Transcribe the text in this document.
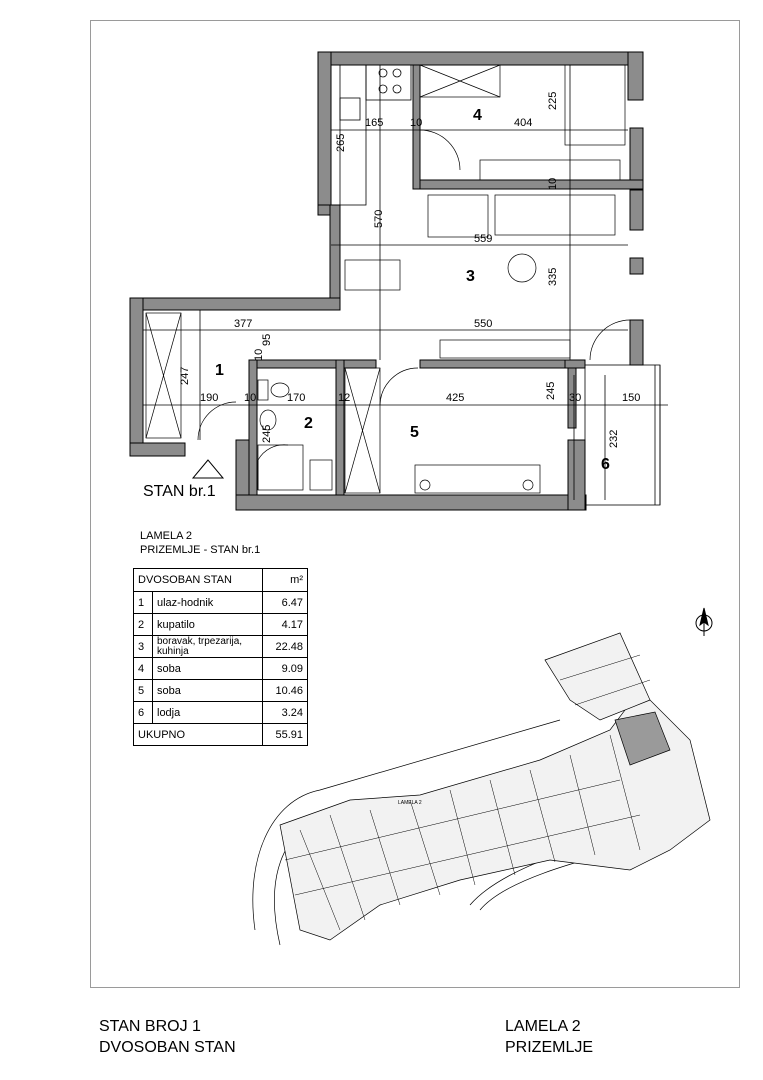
1
2
3
4
5
6
165 10	404
225
265
10
570
559
335
377	550
10
95
247
190 10	170	12	425	245 30	150
245	232
LAMELA 2
STAN br.1
LAMELA 2
PRIZEMLJE - STAN br.1
DVOSOBAN STAN		m²
1	ulaz-hodnik	6.47
2	kupatilo	4.17
3	boravak, trpezarija,
kuhinja	22.48
4	soba	9.09
5	soba	10.46
6	lodja	3.24
UKUPNO		55.91
STAN BROJ 1
DVOSOBAN STAN
LAMELA 2
PRIZEMLJE
